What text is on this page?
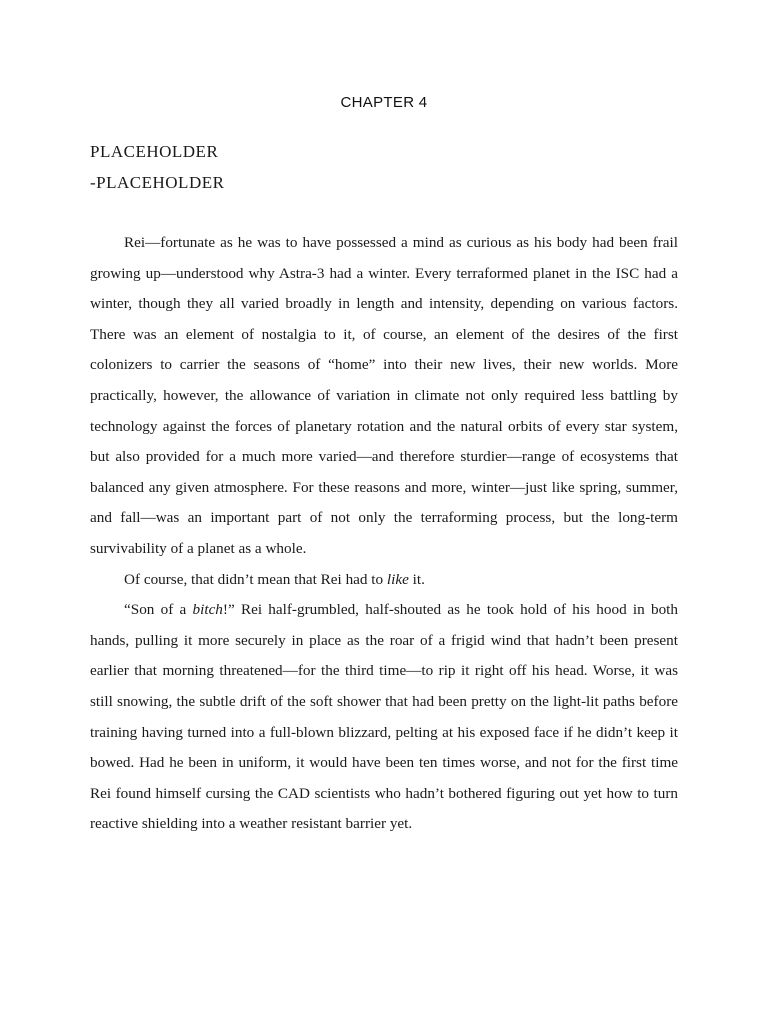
CHAPTER 4
PLACEHOLDER
-PLACEHOLDER

Rei—fortunate as he was to have possessed a mind as curious as his body had been frail growing up—understood why Astra-3 had a winter. Every terraformed planet in the ISC had a winter, though they all varied broadly in length and intensity, depending on various factors. There was an element of nostalgia to it, of course, an element of the desires of the first colonizers to carrier the seasons of “home” into their new lives, their new worlds. More practically, however, the allowance of variation in climate not only required less battling by technology against the forces of planetary rotation and the natural orbits of every star system, but also provided for a much more varied—and therefore sturdier—range of ecosystems that balanced any given atmosphere. For these reasons and more, winter—just like spring, summer, and fall—was an important part of not only the terraforming process, but the long-term survivability of a planet as a whole.

Of course, that didn’t mean that Rei had to like it.

“Son of a bitch!” Rei half-grumbled, half-shouted as he took hold of his hood in both hands, pulling it more securely in place as the roar of a frigid wind that hadn’t been present earlier that morning threatened—for the third time—to rip it right off his head. Worse, it was still snowing, the subtle drift of the soft shower that had been pretty on the light-lit paths before training having turned into a full-blown blizzard, pelting at his exposed face if he didn’t keep it bowed. Had he been in uniform, it would have been ten times worse, and not for the first time Rei found himself cursing the CAD scientists who hadn’t bothered figuring out yet how to turn reactive shielding into a weather resistant barrier yet.
